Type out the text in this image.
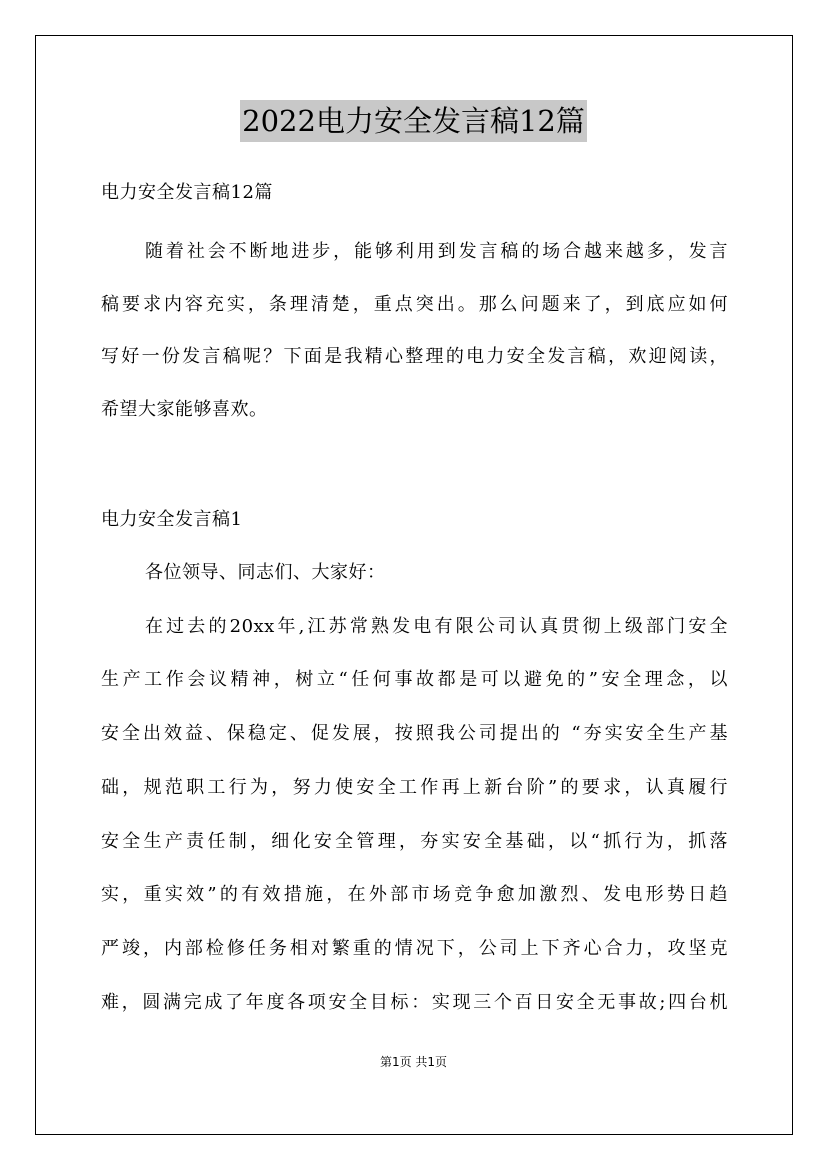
2022电力安全发言稿12篇
电力安全发言稿12篇
随着社会不断地进步，能够利用到发言稿的场合越来越多，发言
稿要求内容充实，条理清楚，重点突出。那么问题来了，到底应如何
写好一份发言稿呢？下面是我精心整理的电力安全发言稿，欢迎阅读，
希望大家能够喜欢。
电力安全发言稿1
各位领导、同志们、大家好：
在过去的20xx年,江苏常熟发电有限公司认真贯彻上级部门安全
生产工作会议精神，树立“任何事故都是可以避免的”安全理念，以
安全出效益、保稳定、促发展，按照我公司提出的 “夯实安全生产基
础，规范职工行为，努力使安全工作再上新台阶”的要求，认真履行
安全生产责任制，细化安全管理，夯实安全基础，以“抓行为，抓落
实，重实效”的有效措施，在外部市场竞争愈加激烈、发电形势日趋
严竣，内部检修任务相对繁重的情况下，公司上下齐心合力，攻坚克
难，圆满完成了年度各项安全目标：实现三个百日安全无事故;四台机
第1页 共1页
